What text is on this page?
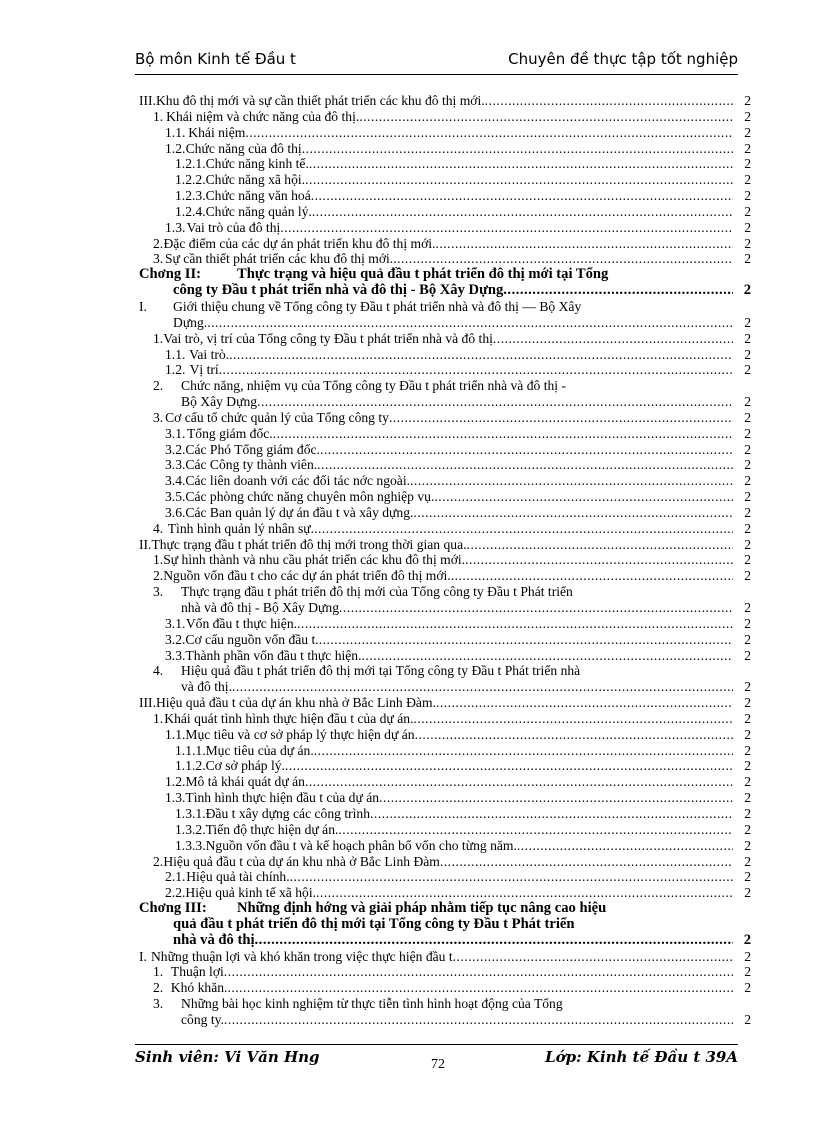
Bộ môn Kinh tế Đầu t	Chuyên đề thực tập tốt nghiệp
III. Khu đô thị mới và sự cần thiết phát triển các khu đô thị mới. .....	2
1. Khái niệm và chức năng của đô thị. .....	2
1.1. Khái niệm .....	2
1.2. Chức năng của đô thị .....	2
1.2.1. Chức năng kinh tế. .....	2
1.2.2. Chức năng xã hội. .....	2
1.2.3. Chức năng văn hoá .....	2
1.2.4. Chức năng quản lý. .....	2
1.3. Vai trò của đô thị .....	2
2. Đặc điểm của các dự án phát triển khu đô thị mới. .....	2
3. Sự cần thiết phát triển các khu đô thị mới. .....	2
Chơng II: Thực trạng và hiệu quả đầu t phát triển đô thị mới tại Tổng
công ty Đầu t phát triển nhà và đô thị - Bộ Xây Dựng .....	2
I. Giới thiệu chung về Tổng công ty Đầu t phát triển nhà và đô thị — Bộ Xây
Dựng. .....	2
1. Vai trò, vị trí của Tổng công ty Đầu t phát triển nhà và đô thị .....	2
1.1. Vai trò. .....	2
1.2. Vị trí .....	2
2. Chức năng, nhiệm vụ của Tổng công ty Đầu t phát triển nhà và đô thị -
Bộ Xây Dựng .....	2
3. Cơ cấu tổ chức quản lý của Tổng công ty .....	2
3.1. Tổng giám đốc. .....	2
3.2. Các Phó Tổng giám đốc. .....	2
3.3. Các Công ty thành viên. .....	2
3.4. Các liên doanh với các đối tác nớc ngoài. .....	2
3.5. Các phòng chức năng chuyên môn nghiệp vụ. .....	2
3.6. Các Ban quản lý dự án đầu t và xây dựng. .....	2
4. Tình hình quản lý nhân sự. .....	2
II. Thực trạng đầu t phát triển đô thị mới trong thời gian qua. .....	2
1. Sự hình thành và nhu cầu phát triển các khu đô thị mới. .....	2
2. Nguồn vốn đầu t cho các dự án phát triển đô thị mới. .....	2
3. Thực trạng đầu t phát triển đô thị mới của Tổng công ty Đầu t Phát triển
nhà và đô thị - Bộ Xây Dựng .....	2
3.1. Vốn đầu t thực hiện. .....	2
3.2. Cơ cấu nguồn vốn đầu t. .....	2
3.3. Thành phần vốn đầu t thực hiện. .....	2
4. Hiệu quả đầu t phát triển đô thị mới tại Tổng công ty Đầu t Phát triển nhà
và đô thị. .....	2
III. Hiệu quả đầu t của dự án khu nhà ở Bắc Linh Đàm. .....	2
1. Khái quát tình hình thực hiện đầu t của dự án. .....	2
1.1. Mục tiêu và cơ sở pháp lý thực hiện dự án .....	2
1.1.1. Mục tiêu của dự án. .....	2
1.1.2. Cơ sở pháp lý. .....	2
1.2. Mô tả khái quát dự án .....	2
1.3. Tình hình thực hiện đầu t của dự án .....	2
1.3.1. Đầu t xây dựng các công trình .....	2
1.3.2. Tiến độ thực hiện dự án. .....	2
1.3.3. Nguồn vốn đầu t và kế hoạch phân bổ vốn cho từng năm. .....	2
2. Hiệu quả đầu t của dự án khu nhà ở Bắc Linh Đàm .....	2
2.1. Hiệu quả tài chính. .....	2
2.2. Hiệu quả kinh tế xã hội. .....	2
Chơng III: Những định hớng và giải pháp nhằm tiếp tục nâng cao hiệu
quả đầu t phát triển đô thị mới tại Tổng công ty Đầu t Phát triển
nhà và đô thị .....	2
I. Những thuận lợi và khó khăn trong việc thực hiện đầu t .....	2
1. Thuận lợi .....	2
2. Khó khăn. .....	2
3. Những bài học kinh nghiệm từ thực tiễn tình hình hoạt động của Tổng
công ty. .....	2
Sinh viên: Vi Văn Hng	72	Lớp: Kinh tế Đầu t 39A
